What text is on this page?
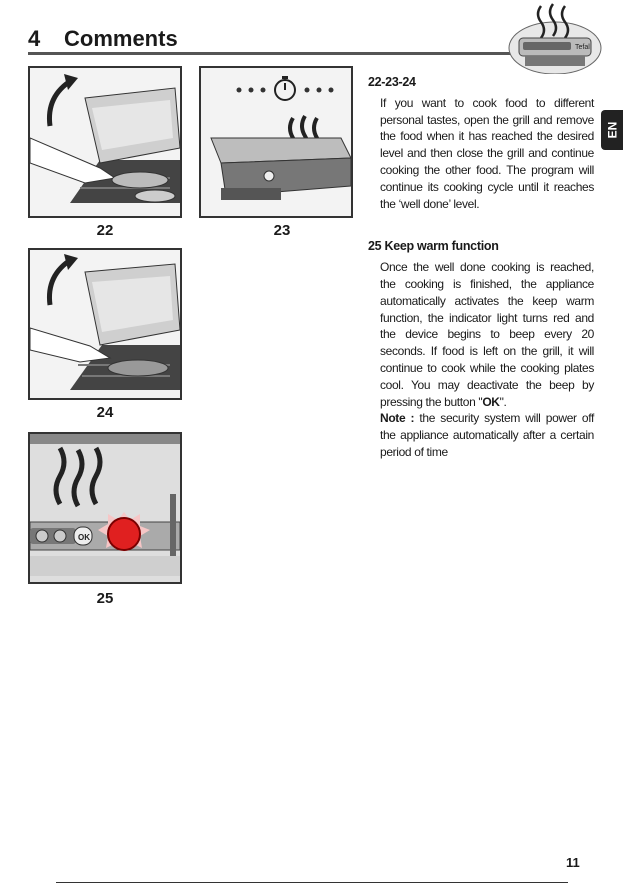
4 Comments	Tefal
22	23
24
OK
25
22-23-24

If you want to cook food to different personal tastes, open the grill and remove the food when it has reached the desired level and then close the grill and continue cooking the other food. The program will continue its cooking cycle until it reaches the ‘well done’ level.

25 Keep warm function

Once the well done cooking is reached, the cooking is finished, the appliance automatically activates the keep warm function, the indicator light turns red and the device begins to beep every 20 seconds. If food is left on the grill, it will continue to cook while the cooking plates cool. You may deactivate the beep by pressing the button "OK".

Note : the security system will power off the appliance automatically after a certain period of time

EN
11
